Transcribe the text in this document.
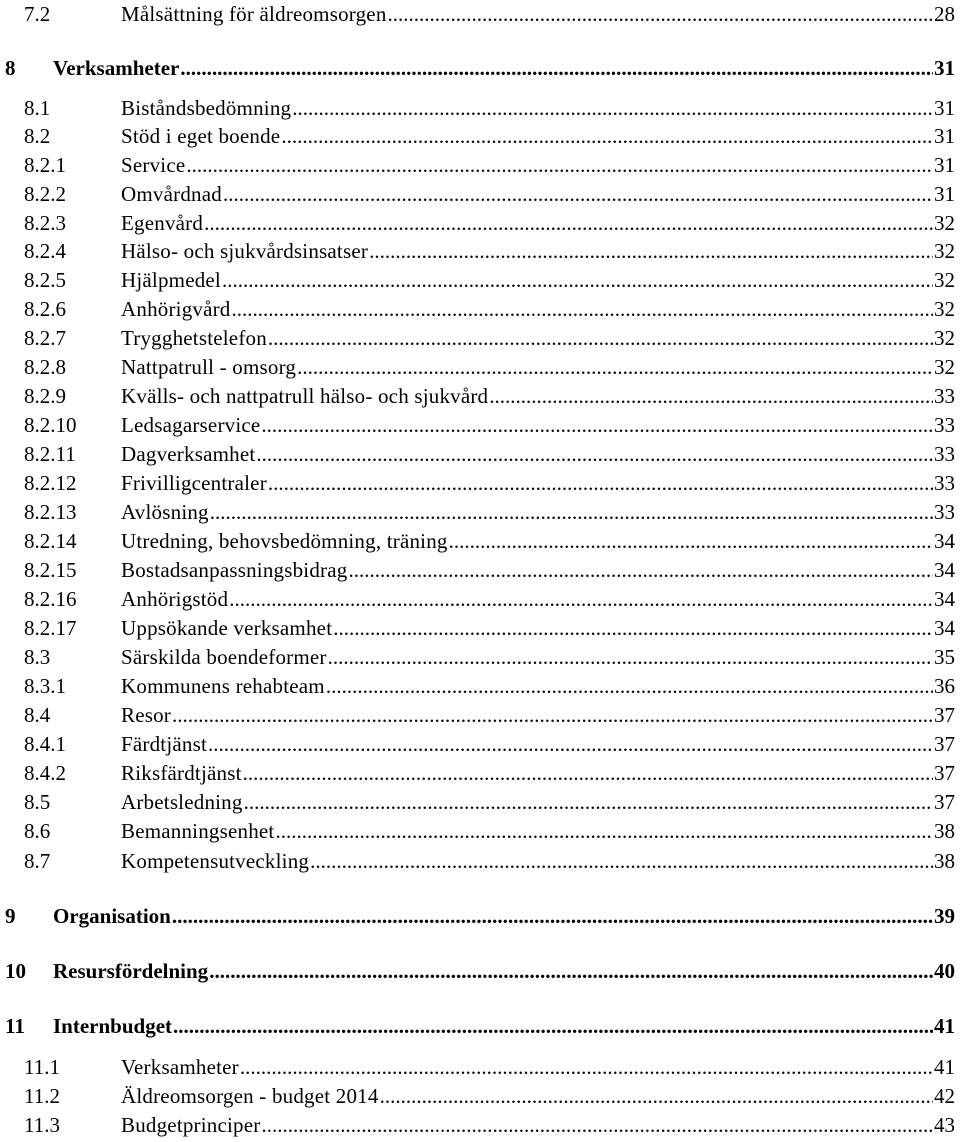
7.2	Målsättning för äldreomsorgen .....	28
8	Verksamheter .....	31
8.1	Biståndsbedömning .....	31
8.2	Stöd i eget boende .....	31
8.2.1	Service .....	31
8.2.2	Omvårdnad .....	31
8.2.3	Egenvård .....	32
8.2.4	Hälso- och sjukvårdsinsatser .....	32
8.2.5	Hjälpmedel .....	32
8.2.6	Anhörigvård .....	32
8.2.7	Trygghetstelefon .....	32
8.2.8	Nattpatrull - omsorg .....	32
8.2.9	Kvälls- och nattpatrull hälso- och sjukvård .....	33
8.2.10	Ledsagarservice .....	33
8.2.11	Dagverksamhet .....	33
8.2.12	Frivilligcentraler .....	33
8.2.13	Avlösning .....	33
8.2.14	Utredning, behovsbedömning, träning .....	34
8.2.15	Bostadsanpassningsbidrag .....	34
8.2.16	Anhörigstöd .....	34
8.2.17	Uppsökande verksamhet .....	34
8.3	Särskilda boendeformer .....	35
8.3.1	Kommunens rehabteam .....	36
8.4	Resor .....	37
8.4.1	Färdtjänst .....	37
8.4.2	Riksfärdtjänst .....	37
8.5	Arbetsledning .....	37
8.6	Bemanningsenhet .....	38
8.7	Kompetensutveckling .....	38
9	Organisation .....	39
10	Resursfördelning .....	40
11	Internbudget .....	41
11.1	Verksamheter .....	41
11.2	Äldreomsorgen - budget 2014 .....	42
11.3	Budgetprinciper .....	43
